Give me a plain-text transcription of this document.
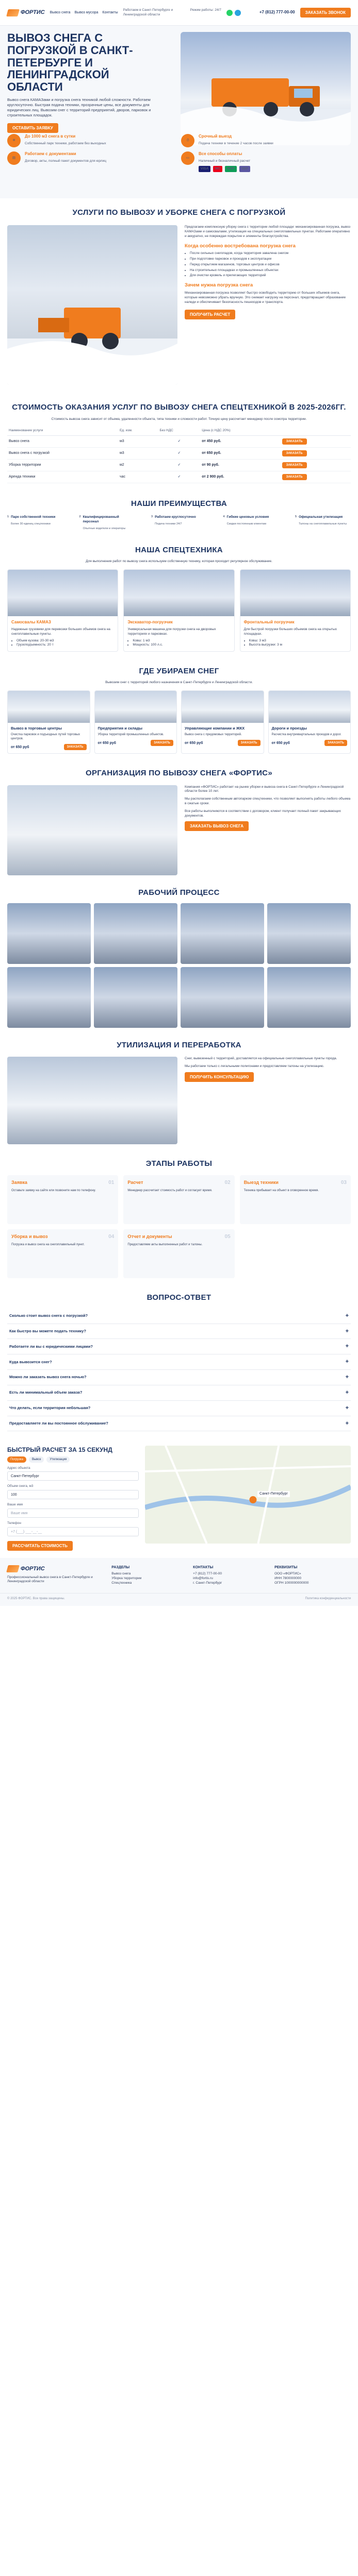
ФОРТИС Вывоз снега Вывоз мусора Контакты
Работаем в Санкт-Петербурге и Ленинградской области
Режим работы: 24/7	+7 (812) 777-00-00	ЗАКАЗАТЬ ЗВОНОК
ВЫВОЗ СНЕГА С ПОГРУЗКОЙ В САНКТ-ПЕТЕРБУРГЕ И ЛЕНИНГРАДСКОЙ ОБЛАСТИ

Вывоз снега КАМАЗами и погрузка снега техникой любой сложности. Работаем круглосуточно. Быстрая подача техники, прозрачные цены, все документы для юридических лиц. Вывозим снег с территорий предприятий, дворов, парковок и строительных площадок.

ОСТАВИТЬ ЗАЯВКУ
❄
До 1000 м3 снега в сутки
Собственный парк техники, работаем без выходных
⏱
Срочный выезд
Подача техники в течение 2 часов после заявки
▤
Работаем с документами
Договор, акты, полный пакет документов для юрлиц
▭
Все способы оплаты
Наличный и безналичный расчет
VISA	MC	МИР	SBP
УСЛУГИ ПО ВЫВОЗУ И УБОРКЕ СНЕГА С ПОГРУЗКОЙ

Предлагаем комплексную уборку снега с территории любой площади: механизированная погрузка, вывоз КАМАЗами и самосвалами, утилизация на специальных снегоплавильных пунктах. Работаем оперативно и аккуратно, не повреждая покрытие и элементы благоустройства.

Когда особенно востребована погрузка снега
• После сильных снегопадов, когда территория завалена снегом
• При подготовке парковок и проездов к эксплуатации
• Перед открытием магазинов, торговых центров и офисов
• На строительных площадках и промышленных объектах
• Для очистки кровель и прилегающих территорий
Зачем нужна погрузка снега

Механизированная погрузка позволяет быстро освободить территорию от больших объемов снега, которые невозможно убрать вручную. Это снижает нагрузку на персонал, предотвращает образование наледи и обеспечивает безопасность пешеходов и транспорта.

ПОЛУЧИТЬ РАСЧЕТ
СТОИМОСТЬ ОКАЗАНИЯ УСЛУГ ПО ВЫВОЗУ СНЕГА СПЕЦТЕХНИКОЙ В 2025-2026ГГ.

Стоимость вывоза снега зависит от объема, удаленности объекта, типа техники и сложности работ. Точную цену рассчитает менеджер после осмотра территории.

Наименование услуги	Ед. изм.	Без НДС	Цена (с НДС 20%)	
Вывоз снега	м3	✓	от 450 руб.	ЗАКАЗАТЬ
Вывоз снега с погрузкой	м3	✓	от 650 руб.	ЗАКАЗАТЬ
Уборка территории	м2	✓	от 90 руб.	ЗАКАЗАТЬ
Аренда техники	час	✓	от 2 900 руб.	ЗАКАЗАТЬ
НАШИ ПРЕИМУЩЕСТВА
1 Парк собственной техники
Более 30 единиц спецтехники
2 Квалифицированный персонал
Опытные водители и операторы
3 Работаем круглосуточно
Подача техники 24/7
4 Гибкие ценовые условия
Скидки постоянным клиентам
5 Официальная утилизация
Талоны на снегоплавильные пункты
НАША СПЕЦТЕХНИКА

Для выполнения работ по вывозу снега используем собственную технику, которая проходит регулярное обслуживание.

Самосвалы КАМАЗ
Надежные грузовики для перевозки больших объемов снега на снегоплавильные пункты.
• Объем кузова: 20-30 м3
• Грузоподъемность: 20 т
Экскаватор-погрузчик
Универсальная машина для погрузки снега на дворовых территориях и парковках.
• Ковш: 1 м3
• Мощность: 100 л.с.
Фронтальный погрузчик
Для быстрой погрузки больших объемов снега на открытых площадках.
• Ковш: 3 м3
• Высота выгрузки: 3 м
ГДЕ УБИРАЕМ СНЕГ

Вывозим снег с территорий любого назначения в Санкт-Петербурге и Ленинградской области.

Вывоз в торговые центры
Очистка парковок и подъездных путей торговых центров.
от 650 руб	ЗАКАЗАТЬ
Предприятия и склады
Уборка территорий промышленных объектов.
от 650 руб	ЗАКАЗАТЬ
Управляющие компании и ЖКХ
Вывоз снега с придомовых территорий.
от 650 руб	ЗАКАЗАТЬ
Дороги и проезды
Расчистка внутриквартальных проездов и дорог.
от 650 руб	ЗАКАЗАТЬ
ОРГАНИЗАЦИЯ ПО ВЫВОЗУ СНЕГА «ФОРТИС»

Компания «ФОРТИС» работает на рынке уборки и вывоза снега в Санкт-Петербурге и Ленинградской области более 10 лет.

Мы располагаем собственным автопарком спецтехники, что позволяет выполнять работы любого объема в сжатые сроки.

Все работы выполняются в соответствии с договором, клиент получает полный пакет закрывающих документов.

ЗАКАЗАТЬ ВЫВОЗ СНЕГА
РАБОЧИЙ ПРОЦЕСС
УТИЛИЗАЦИЯ И ПЕРЕРАБОТКА

Снег, вывезенный с территорий, доставляется на официальные снегоплавильные пункты города.

Мы работаем только с легальными полигонами и предоставляем талоны на утилизацию.

ПОЛУЧИТЬ КОНСУЛЬТАЦИЮ
ЭТАПЫ РАБОТЫ
01
Заявка
Оставьте заявку на сайте или позвоните нам по телефону.
02
Расчет
Менеджер рассчитает стоимость работ и согласует время.
03
Выезд техники
Техника прибывает на объект в оговоренное время.
04
Уборка и вывоз
Погрузка и вывоз снега на снегоплавильный пункт.
05
Отчет и документы
Предоставляем акты выполненных работ и талоны.
ВОПРОС-ОТВЕТ
Сколько стоит вывоз снега с погрузкой?	+
Как быстро вы можете подать технику?	+
Работаете ли вы с юридическими лицами?	+
Куда вывозится снег?	+
Можно ли заказать вывоз снега ночью?	+
Есть ли минимальный объем заказа?	+
Что делать, если территория небольшая?	+
Предоставляете ли вы постоянное обслуживание?	+
БЫСТРЫЙ РАСЧЕТ ЗА 15 СЕКУНД
Погрузка	Вывоз	Утилизация
Адрес объекта
Санкт-Петербург
Объем снега, м3
100
Ваше имя
Ваше имя
Телефон
+7 (___) ___-__-__
РАССЧИТАТЬ СТОИМОСТЬ
Санкт-Петербург
ФОРТИС

Профессиональный вывоз снега в Санкт-Петербурге и Ленинградской области

РАЗДЕЛЫ
Вывоз снега
Уборка территории
Спецтехника
КОНТАКТЫ
+7 (812) 777-00-00
info@fortis.ru
г. Санкт-Петербург
РЕКВИЗИТЫ
ООО «ФОРТИС»
ИНН 7800000000
ОГРН 1000000000000
© 2025 ФОРТИС. Все права защищены.	Политика конфиденциальности
